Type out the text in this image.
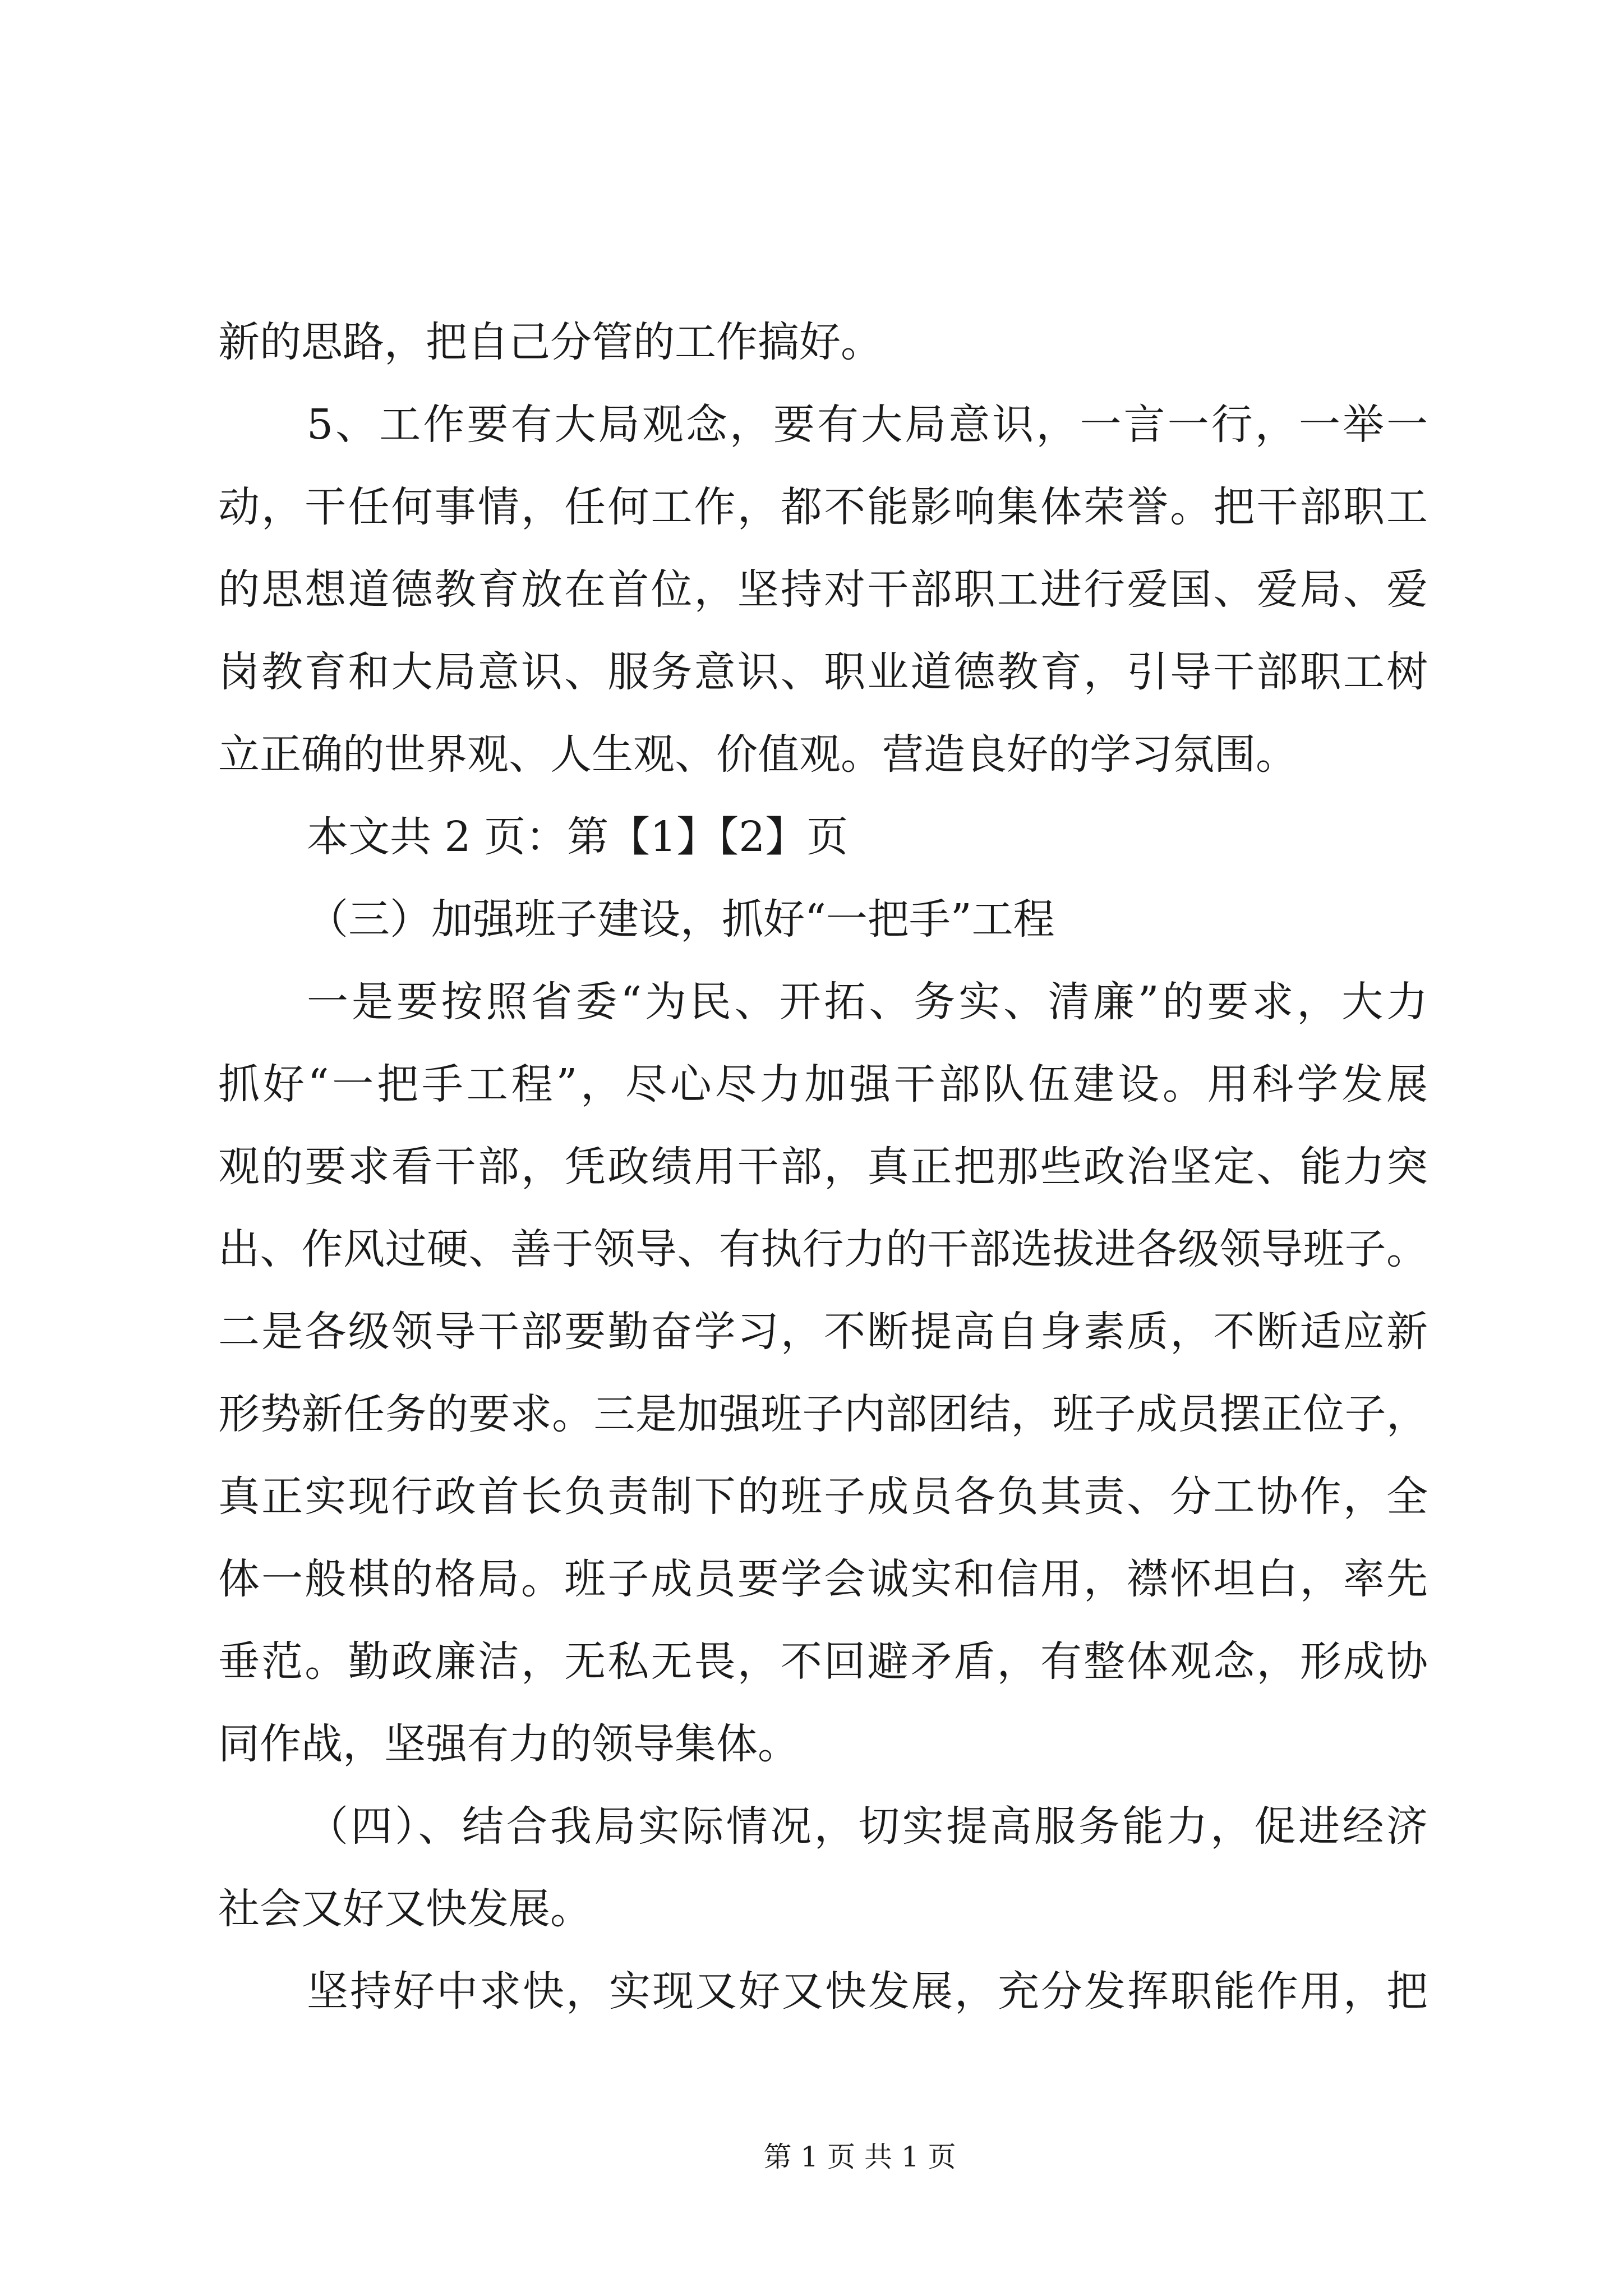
新的思路，把自己分管的工作搞好。
5、工作要有大局观念，要有大局意识，一言一行，一举一
动，干任何事情，任何工作，都不能影响集体荣誉。把干部职工
的思想道德教育放在首位，坚持对干部职工进行爱国、爱局、爱
岗教育和大局意识、服务意识、职业道德教育，引导干部职工树
立正确的世界观、人生观、价值观。营造良好的学习氛围。
本文共 2 页：第【1】【2】页
（三）加强班子建设，抓好“一把手”工程
一是要按照省委“为民、开拓、务实、清廉”的要求，大力
抓好“一把手工程”，尽心尽力加强干部队伍建设。用科学发展
观的要求看干部，凭政绩用干部，真正把那些政治坚定、能力突
出、作风过硬、善于领导、有执行力的干部选拔进各级领导班子。
二是各级领导干部要勤奋学习，不断提高自身素质，不断适应新
形势新任务的要求。三是加强班子内部团结，班子成员摆正位子，
真正实现行政首长负责制下的班子成员各负其责、分工协作，全
体一般棋的格局。班子成员要学会诚实和信用，襟怀坦白，率先
垂范。勤政廉洁，无私无畏，不回避矛盾，有整体观念，形成协
同作战，坚强有力的领导集体。
（四）、结合我局实际情况，切实提高服务能力，促进经济
社会又好又快发展。
坚持好中求快，实现又好又快发展，充分发挥职能作用，把
第 1 页 共 1 页
